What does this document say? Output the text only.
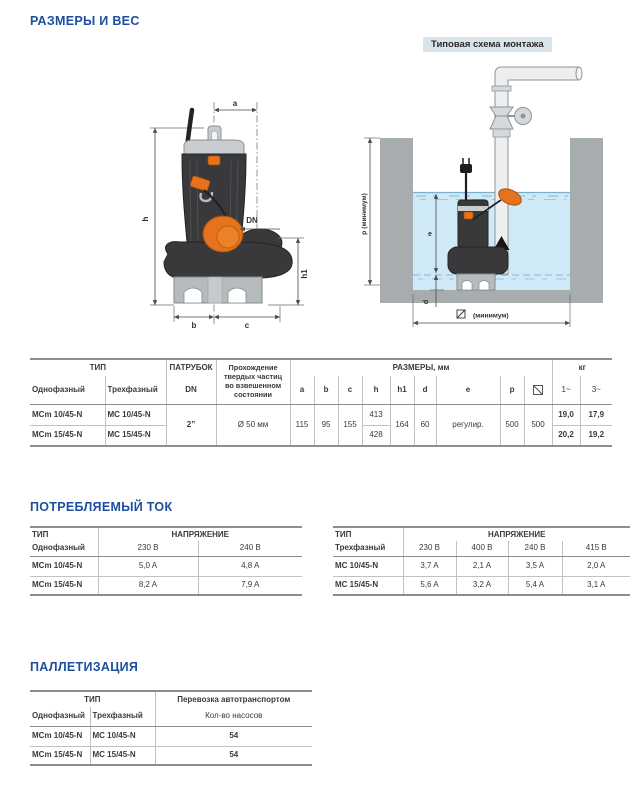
РАЗМЕРЫ И ВЕС
a
h	DN
h1
b	c
Типовая схема монтажа
p (минимум)	e
d
(минимум)
ТИП		ПАТРУБОК	Прохождение твердых частиц во взвешенном состоянии	РАЗМЕРЫ, мм									кг	
Однофазный	Трехфазный	DN		a	b	c	h	h1	d	e	p		1~	3~
MCm 10/45-N	MC 10/45-N	2”	Ø 50 мм	115	95	155	413	164	60	регулир.	500	500	19,0	17,9
MCm 15/45-N	MC 15/45-N						428						20,2	19,2
ПОТРЕБЛЯЕМЫЙ ТОК
ТИП	НАПРЯЖЕНИЕ	
Однофазный	230 В	240 В
MCm 10/45-N	5,0 A	4,8 A
MCm 15/45-N	8,2 A	7,9 A
ТИП	НАПРЯЖЕНИЕ			
Трехфазный	230 В	400 В	240 В	415 В
MC 10/45-N	3,7 A	2,1 A	3,5 A	2,0 A
MC 15/45-N	5,6 A	3,2 A	5,4 A	3,1 A
ПАЛЛЕТИЗАЦИЯ
ТИП		Перевозка автотранспортом
Однофазный	Трехфазный	Кол-во насосов
MCm 10/45-N	MC 10/45-N	54
MCm 15/45-N	MC 15/45-N	54
